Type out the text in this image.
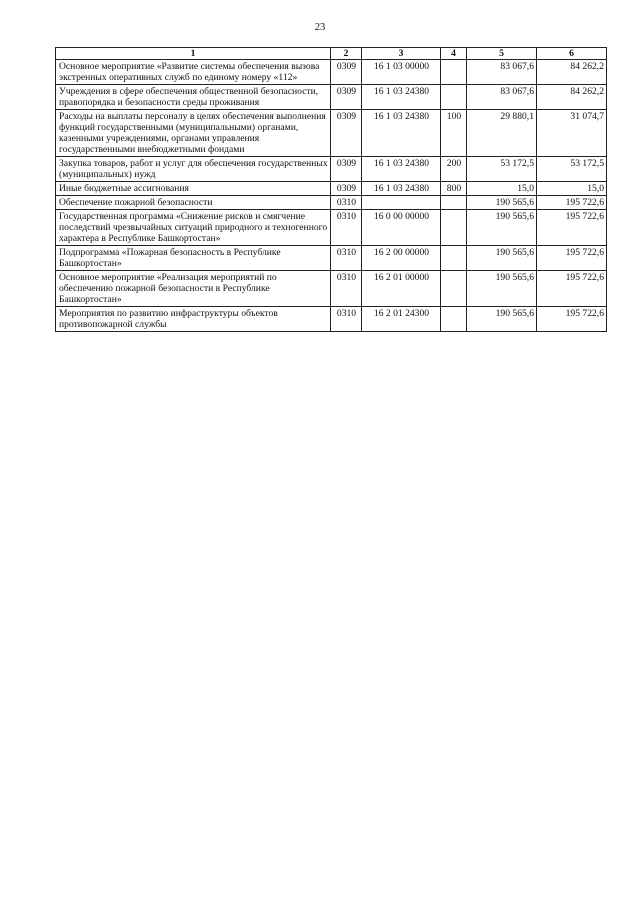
23
1	2	3	4	5	6
Основное мероприятие «Развитие системы обеспечения вызова экстренных оперативных служб по единому номеру «112»	0309	16 1 03 00000		83 067,6	84 262,2
Учреждения в сфере обеспечения общественной безопасности, правопорядка и безопасности среды проживания	0309	16 1 03 24380		83 067,6	84 262,2
Расходы на выплаты персоналу в целях обеспечения выполнения функций государственными (муниципальными) органами, казенными учреждениями, органами управления государственными внебюджетными фондами	0309	16 1 03 24380	100	29 880,1	31 074,7
Закупка товаров, работ и услуг для обеспечения государственных (муниципальных) нужд	0309	16 1 03 24380	200	53 172,5	53 172,5
Иные бюджетные ассигнования	0309	16 1 03 24380	800	15,0	15,0
Обеспечение пожарной безопасности	0310			190 565,6	195 722,6
Государственная программа «Снижение рисков и смягчение последствий чрезвычайных ситуаций природного и техногенного характера в Республике Башкортостан»	0310	16 0 00 00000		190 565,6	195 722,6
Подпрограмма «Пожарная безопасность в Республике Башкортостан»	0310	16 2 00 00000		190 565,6	195 722,6
Основное мероприятие «Реализация мероприятий по обеспечению пожарной безопасности в Республике Башкортостан»	0310	16 2 01 00000		190 565,6	195 722,6
Мероприятия по развитию инфраструктуры объектов противопожарной службы	0310	16 2 01 24300		190 565,6	195 722,6
